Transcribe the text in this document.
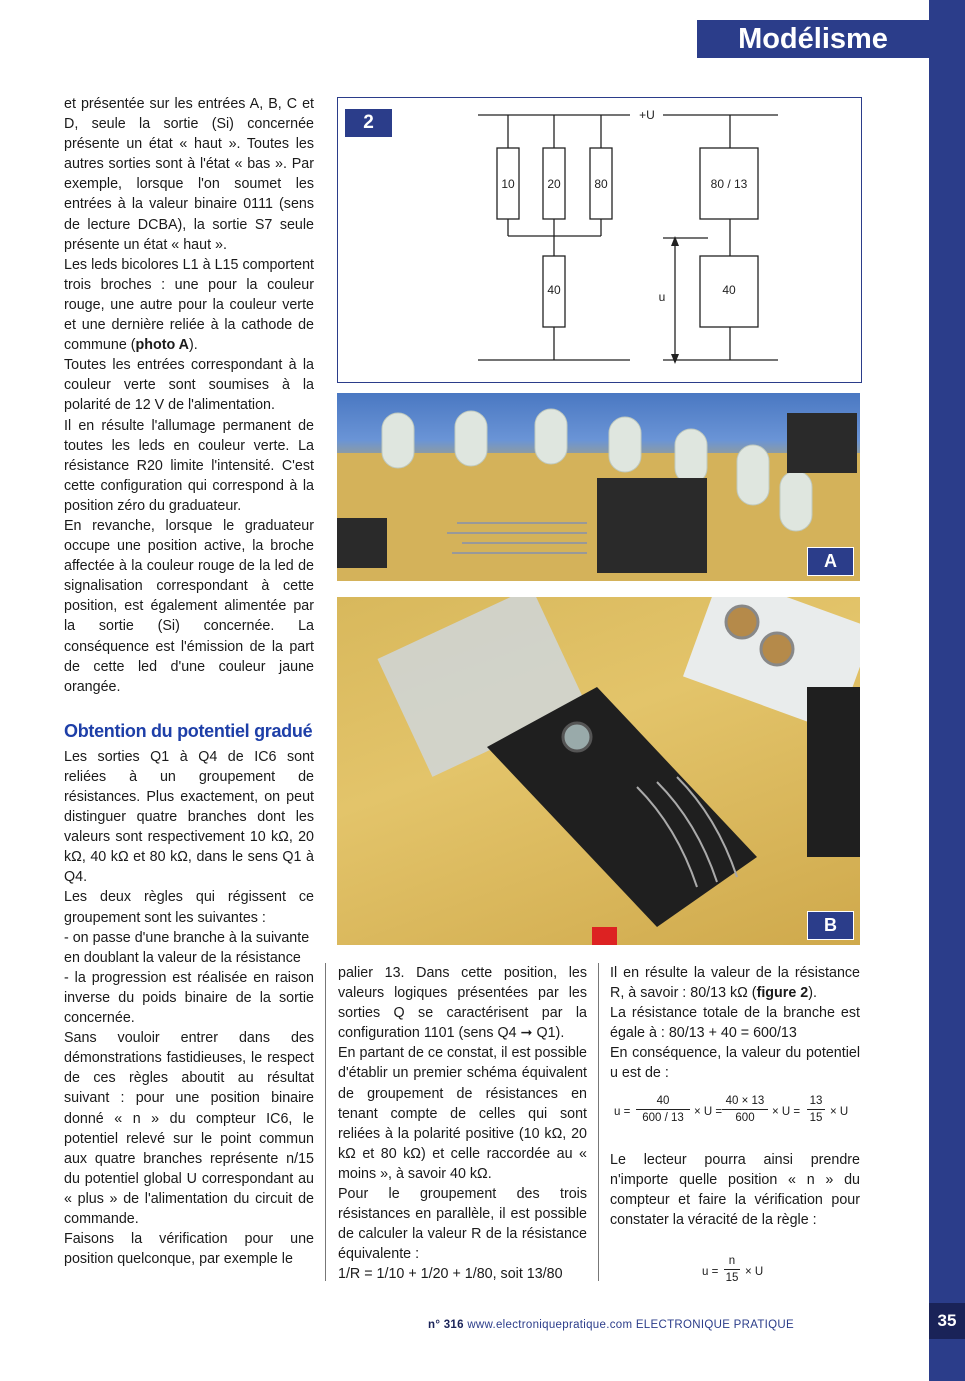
Modélisme
35

et présentée sur les entrées A, B, C et D, seule la sortie (Si) concernée présente un état « haut ». Toutes les autres sorties sont à l'état « bas ». Par exemple, lorsque l'on soumet les entrées à la valeur binaire 0111 (sens de lecture DCBA), la sortie S7 seule présente un état « haut ».

Les leds bicolores L1 à L15 comportent trois broches : une pour la couleur rouge, une autre pour la couleur verte et une dernière reliée à la cathode de commune (photo A).

Toutes les entrées correspondant à la couleur verte sont soumises à la polarité de 12 V de l'alimentation.

Il en résulte l'allumage permanent de toutes les leds en couleur verte. La résistance R20 limite l'intensité. C'est cette configuration qui correspond à la position zéro du graduateur.

En revanche, lorsque le graduateur occupe une position active, la broche affectée à la couleur rouge de la led de signalisation correspondant à cette position, est également alimentée par la sortie (Si) concernée. La conséquence est l'émission de la part de cette led d'une couleur jaune orangée.

Obtention du potentiel gradué

Les sorties Q1 à Q4 de IC6 sont reliées à un groupement de résistances. Plus exactement, on peut distinguer quatre branches dont les valeurs sont respectivement 10 kΩ, 20 kΩ, 40 kΩ et 80 kΩ, dans le sens Q1 à Q4.

Les deux règles qui régissent ce groupement sont les suivantes :

- on passe d'une branche à la suivante en doublant la valeur de la résistance

- la progression est réalisée en raison inverse du poids binaire de la sortie concernée.

Sans vouloir entrer dans des démonstrations fastidieuses, le respect de ces règles aboutit au résultat suivant : pour une position binaire donné « n » du compteur IC6, le potentiel relevé sur le point commun aux quatre branches représente n/15 du potentiel global U correspondant au « plus » de l'alimentation du circuit de commande.

Faisons la vérification pour une position quelconque, par exemple le

2	+U
10	20	80
40
80 / 13
40
u
A
B

palier 13. Dans cette position, les valeurs logiques présentées par les sorties Q se caractérisent par la configuration 1101 (sens Q4 ➞ Q1).

En partant de ce constat, il est possible d'établir un premier schéma équivalent de groupement de résistances en tenant compte de celles qui sont reliées à la polarité positive (10 kΩ, 20 kΩ et 80 kΩ) et celle raccordée au « moins », à savoir 40 kΩ.

Pour le groupement des trois résistances en parallèle, il est possible de calculer la valeur R de la résistance équivalente :

1/R = 1/10 + 1/20 + 1/80, soit 13/80

Il en résulte la valeur de la résistance R, à savoir : 80/13 kΩ (figure 2).

La résistance totale de la branche est égale à : 80/13 + 40 = 600/13

En conséquence, la valeur du potentiel u est de :

$u = \frac{40}{600 / 13} \times U = \frac{40 \times 13}{600} \times U = \frac{13}{15} \times U$

Le lecteur pourra ainsi prendre n'importe quelle position « n » du compteur et faire la vérification pour constater la véracité de la règle :

$u = \frac{n}{15} \times U$
n° 316 www.electroniquepratique.com ELECTRONIQUE PRATIQUE
